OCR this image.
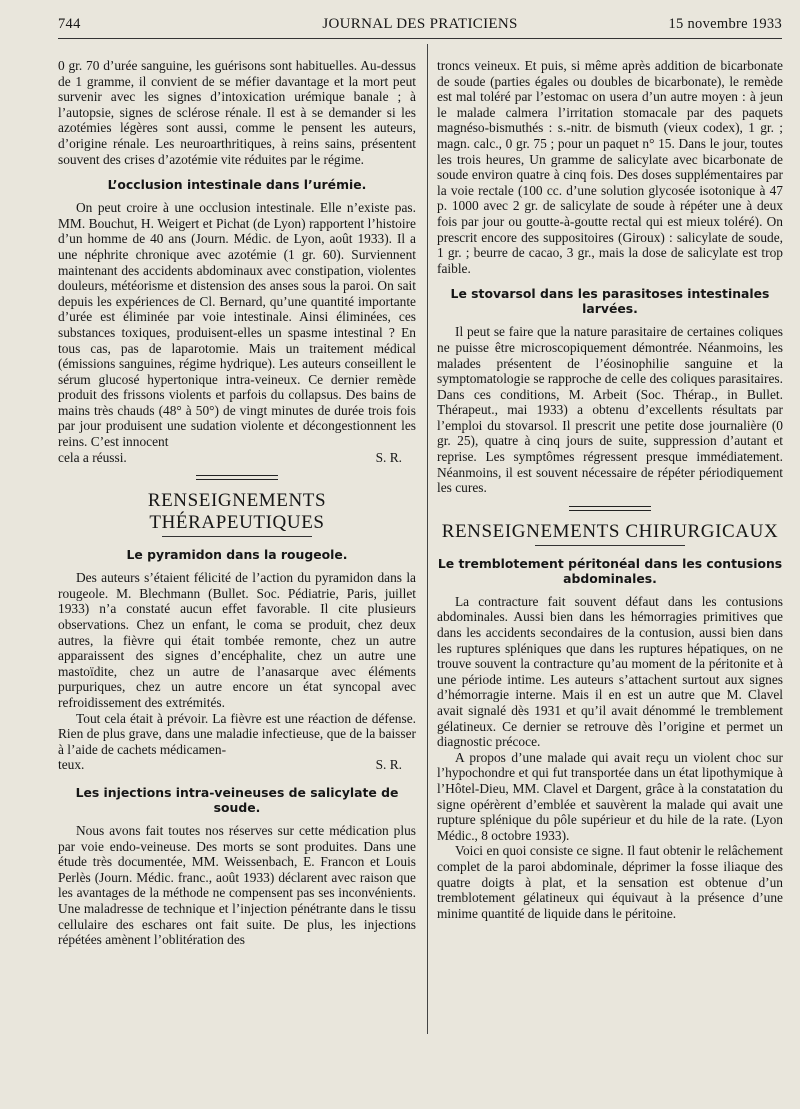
744	JOURNAL DES PRATICIENS	15 novembre 1933

0 gr. 70 d’urée sanguine, les guérisons sont habituelles. Au-dessus de 1 gramme, il convient de se méfier davantage et la mort peut survenir avec les signes d’intoxication urémique banale ; à l’autopsie, signes de sclérose rénale. Il est à se demander si les azotémies légères sont aussi, comme le pensent les auteurs, d’origine rénale. Les neuroarthritiques, à reins sains, présentent souvent des crises d’azotémie vite réduites par le régime.

L’occlusion intestinale dans l’urémie.

On peut croire à une occlusion intestinale. Elle n’existe pas. MM. Bouchut, H. Weigert et Pichat (de Lyon) rapportent l’histoire d’un homme de 40 ans (Journ. Médic. de Lyon, août 1933). Il a une néphrite chronique avec azotémie (1 gr. 60). Surviennent maintenant des accidents abdominaux avec constipation, violentes douleurs, météorisme et distension des anses sous la paroi. On sait depuis les expériences de Cl. Bernard, qu’une quantité importante d’urée est éliminée par voie intestinale. Ainsi éliminées, ces substances toxiques, produisent-elles un spasme intestinal ? En tous cas, pas de laparotomie. Mais un traitement médical (émissions sanguines, régime hydrique). Les auteurs conseillent le sérum glucosé hypertonique intra-veineux. Ce dernier remède produit des frissons violents et parfois du collapsus. Des bains de mains très chauds (48° à 50°) de vingt minutes de durée trois fois par jour produisent une sudation violente et décongestionnent les reins. C’est innocent

cela a réussi.	S. R.

RENSEIGNEMENTS THÉRAPEUTIQUES
Le pyramidon dans la rougeole.

Des auteurs s’étaient félicité de l’action du pyramidon dans la rougeole. M. Blechmann (Bullet. Soc. Pédiatrie, Paris, juillet 1933) n’a constaté aucun effet favorable. Il cite plusieurs observations. Chez un enfant, le coma se produit, chez deux autres, la fièvre qui était tombée remonte, chez un autre apparaissent des signes d’encéphalite, chez un autre une mastoïdite, chez un autre de l’anasarque avec éléments purpuriques, chez un autre encore un état syncopal avec refroidissement des extrémités.

Tout cela était à prévoir. La fièvre est une réaction de défense. Rien de plus grave, dans une maladie infectieuse, que de la baisser à l’aide de cachets médicamen-

teux.	S. R.

Les injections intra-veineuses de salicylate de soude.

Nous avons fait toutes nos réserves sur cette médication plus par voie endo-veineuse. Des morts se sont produites. Dans une étude très documentée, MM. Weissenbach, E. Francon et Louis Perlès (Journ. Médic. franc., août 1933) déclarent avec raison que les avantages de la méthode ne compensent pas ses inconvénients. Une maladresse de technique et l’injection pénétrante dans le tissu cellulaire des eschares ont fait suite. De plus, les injections répétées amènent l’oblitération des

troncs veineux. Et puis, si même après addition de bicarbonate de soude (parties égales ou doubles de bicarbonate), le remède est mal toléré par l’estomac on usera d’un autre moyen : à jeun le malade calmera l’irritation stomacale par des paquets magnéso-bismuthés : s.-nitr. de bismuth (vieux codex), 1 gr. ; magn. calc., 0 gr. 75 ; pour un paquet n° 15. Dans le jour, toutes les trois heures, Un gramme de salicylate avec bicarbonate de soude environ quatre à cinq fois. Des doses supplémentaires par la voie rectale (100 cc. d’une solution glycosée isotonique à 47 p. 1000 avec 2 gr. de salicylate de soude à répéter une à deux fois par jour ou goutte-à-goutte rectal qui est mieux toléré). On prescrit encore des suppositoires (Giroux) : salicylate de soude, 1 gr. ; beurre de cacao, 3 gr., mais la dose de salicylate est trop faible.

Le stovarsol dans les parasitoses intestinales larvées.

Il peut se faire que la nature parasitaire de certaines coliques ne puisse être microscopiquement démontrée. Néanmoins, les malades présentent de l’éosinophilie sanguine et la symptomatologie se rapproche de celle des coliques parasitaires. Dans ces conditions, M. Arbeit (Soc. Thérap., in Bullet. Thérapeut., mai 1933) a obtenu d’excellents résultats par l’emploi du stovarsol. Il prescrit une petite dose journalière (0 gr. 25), quatre à cinq jours de suite, suppression d’autant et reprise. Les symptômes régressent presque immédiatement. Néanmoins, il est souvent nécessaire de répéter périodiquement les cures.

RENSEIGNEMENTS CHIRURGICAUX
Le tremblotement péritonéal dans les contusions abdominales.

La contracture fait souvent défaut dans les contusions abdominales. Aussi bien dans les hémorragies primitives que dans les accidents secondaires de la contusion, aussi bien dans les ruptures spléniques que dans les ruptures hépatiques, on ne trouve souvent la contracture qu’au moment de la péritonite et à une période intime. Les auteurs s’attachent surtout aux signes d’hémorragie interne. Mais il en est un autre que M. Clavel avait signalé dès 1931 et qu’il avait dénommé le tremblement gélatineux. Ce dernier se retrouve dès l’origine et permet un diagnostic précoce.

A propos d’une malade qui avait reçu un violent choc sur l’hypochondre et qui fut transportée dans un état lipothymique à l’Hôtel-Dieu, MM. Clavel et Dargent, grâce à la constatation du signe opérèrent d’emblée et sauvèrent la malade qui avait une rupture splénique du pôle supérieur et du hile de la rate. (Lyon Médic., 8 octobre 1933).

Voici en quoi consiste ce signe. Il faut obtenir le relâchement complet de la paroi abdominale, déprimer la fosse iliaque des quatre doigts à plat, et la sensation est obtenue d’un tremblotement gélatineux qui équivaut à la présence d’une minime quantité de liquide dans le péritoine.
